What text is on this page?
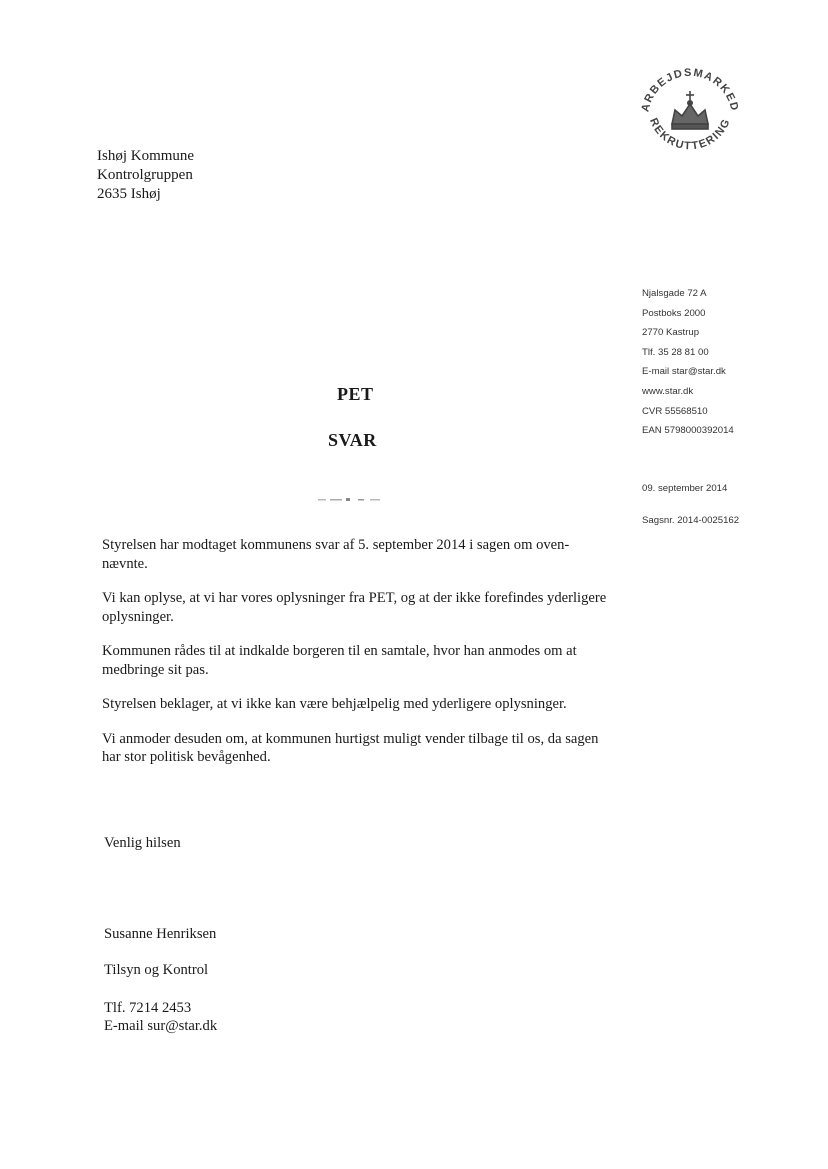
ARBEJDSMARKED
REKRUTTERING
Ishøj Kommune
Kontrolgruppen
2635 Ishøj
Njalsgade 72 A
Postboks 2000
2770 Kastrup
Tlf. 35 28 81 00
E-mail star@star.dk
www.star.dk
CVR 55568510
EAN 5798000392014
09. september 2014
Sagsnr. 2014-0025162
PET
SVAR

Styrelsen har modtaget kommunens svar af 5. september 2014 i sagen om oven-nævnte.

Vi kan oplyse, at vi har vores oplysninger fra PET, og at der ikke forefindes yderligere oplysninger.

Kommunen rådes til at indkalde borgeren til en samtale, hvor han anmodes om at medbringe sit pas.

Styrelsen beklager, at vi ikke kan være behjælpelig med yderligere oplysninger.

Vi anmoder desuden om, at kommunen hurtigst muligt vender tilbage til os, da sagen har stor politisk bevågenhed.

Venlig hilsen
Susanne Henriksen
Tilsyn og Kontrol
Tlf. 7214 2453
E-mail sur@star.dk
